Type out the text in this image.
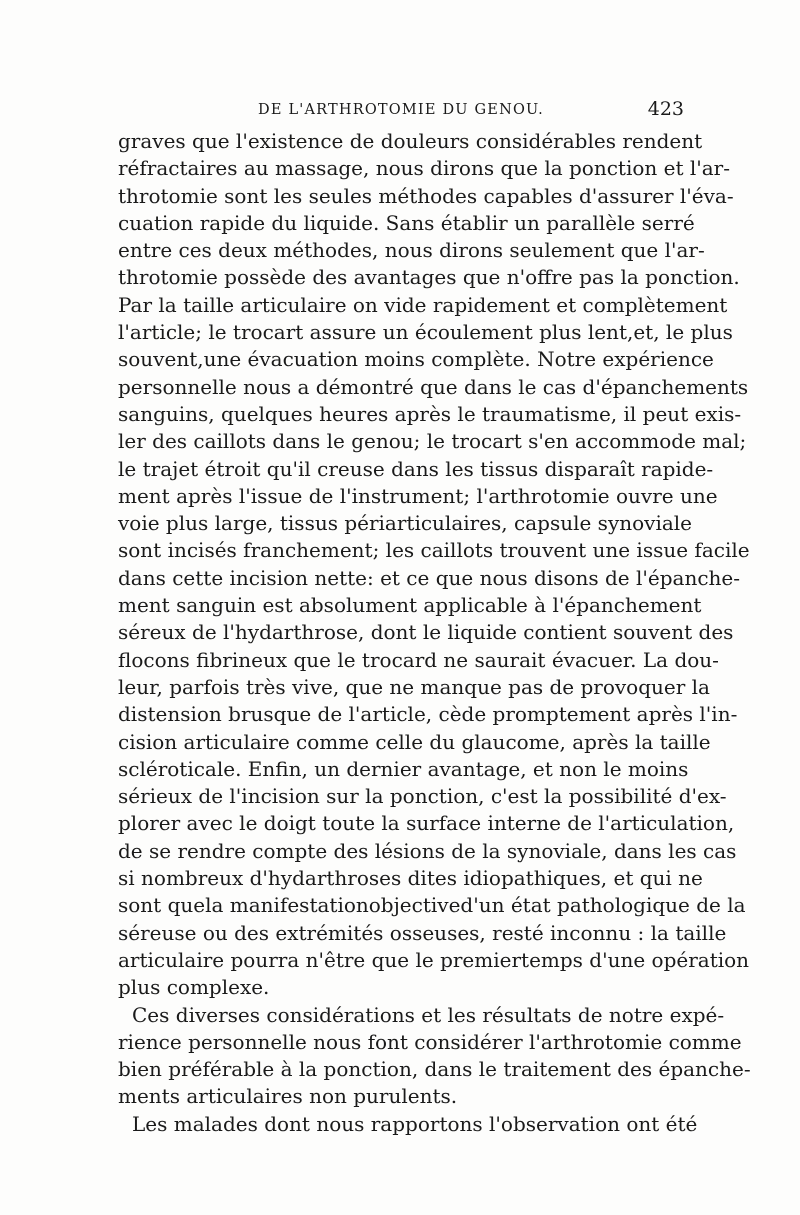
DE L'ARTHROTOMIE DU GENOU.	423
graves que l'existence de douleurs considérables rendent
réfractaires au massage, nous dirons que la ponction et l'ar-
throtomie sont les seules méthodes capables d'assurer l'éva-
cuation rapide du liquide. Sans établir un parallèle serré
entre ces deux méthodes, nous dirons seulement que l'ar-
throtomie possède des avantages que n'offre pas la ponction.
Par la taille articulaire on vide rapidement et complètement
l'article; le trocart assure un écoulement plus lent,et, le plus
souvent,une évacuation moins complète. Notre expérience
personnelle nous a démontré que dans le cas d'épanchements
sanguins, quelques heures après le traumatisme, il peut exis-
ler des caillots dans le genou; le trocart s'en accommode mal;
le trajet étroit qu'il creuse dans les tissus disparaît rapide-
ment après l'issue de l'instrument; l'arthrotomie ouvre une
voie plus large, tissus périarticulaires, capsule synoviale
sont incisés franchement; les caillots trouvent une issue facile
dans cette incision nette: et ce que nous disons de l'épanche-
ment sanguin est absolument applicable à l'épanchement
séreux de l'hydarthrose, dont le liquide contient souvent des
flocons fibrineux que le trocard ne saurait évacuer. La dou-
leur, parfois très vive, que ne manque pas de provoquer la
distension brusque de l'article, cède promptement après l'in-
cision articulaire comme celle du glaucome, après la taille
scléroticale. Enfin, un dernier avantage, et non le moins
sérieux de l'incision sur la ponction, c'est la possibilité d'ex-
plorer avec le doigt toute la surface interne de l'articulation,
de se rendre compte des lésions de la synoviale, dans les cas
si nombreux d'hydarthroses dites idiopathiques, et qui ne
sont quela manifestationobjectived'un état pathologique de la
séreuse ou des extrémités osseuses, resté inconnu : la taille
articulaire pourra n'être que le premiertemps d'une opération
plus complexe.
Ces diverses considérations et les résultats de notre expé-
rience personnelle nous font considérer l'arthrotomie comme
bien préférable à la ponction, dans le traitement des épanche-
ments articulaires non purulents.
Les malades dont nous rapportons l'observation ont été
